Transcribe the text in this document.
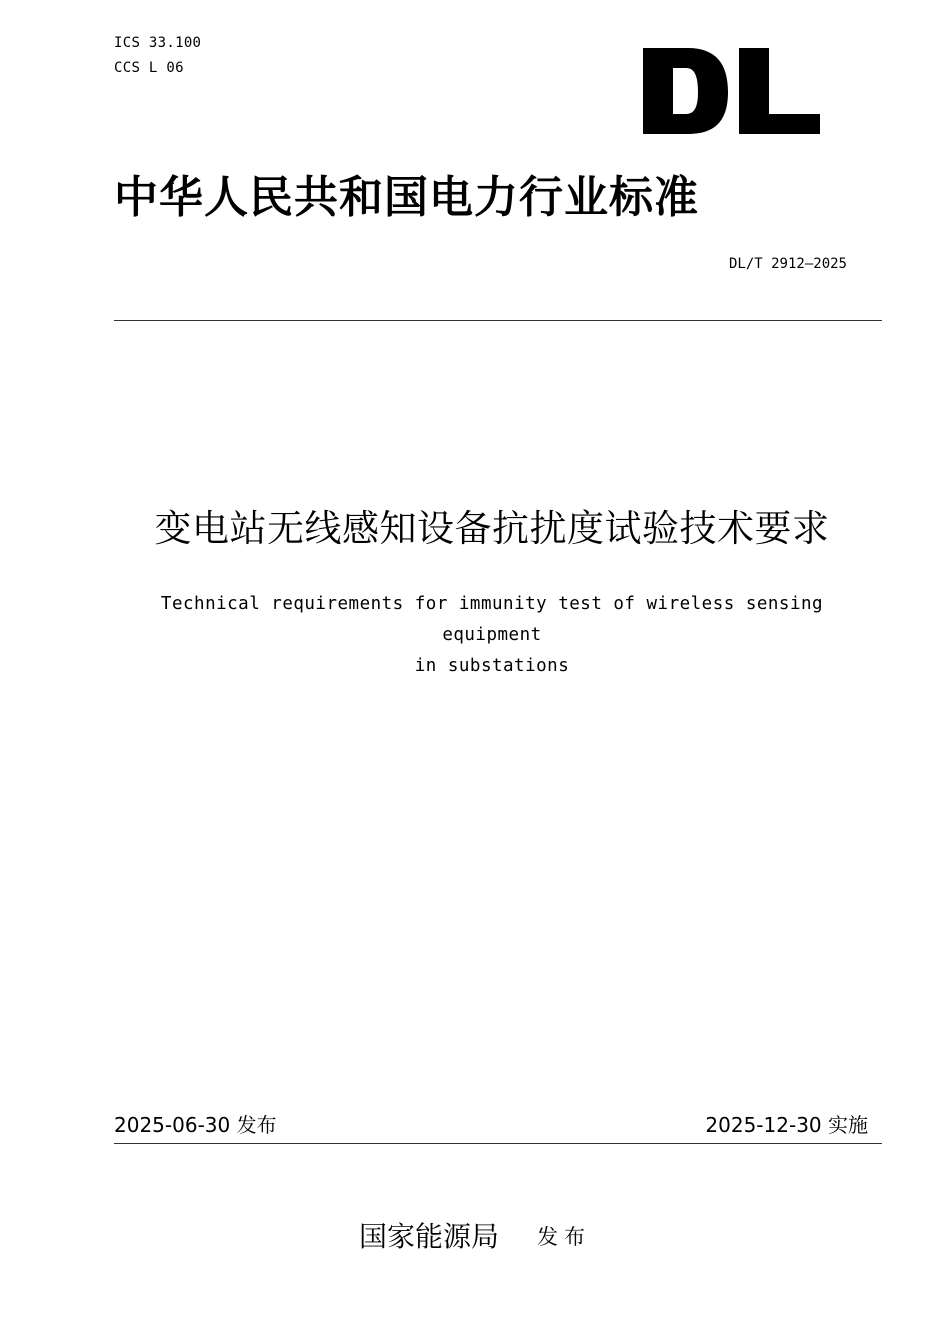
ICS 33.100
CCS L 06
中华人民共和国电力行业标准
DL/T 2912—2025
变电站无线感知设备抗扰度试验技术要求
Technical requirements for immunity test of wireless sensing equipment
in substations
2025-06-30 发布	2025-12-30 实施
国家能源局 发布
